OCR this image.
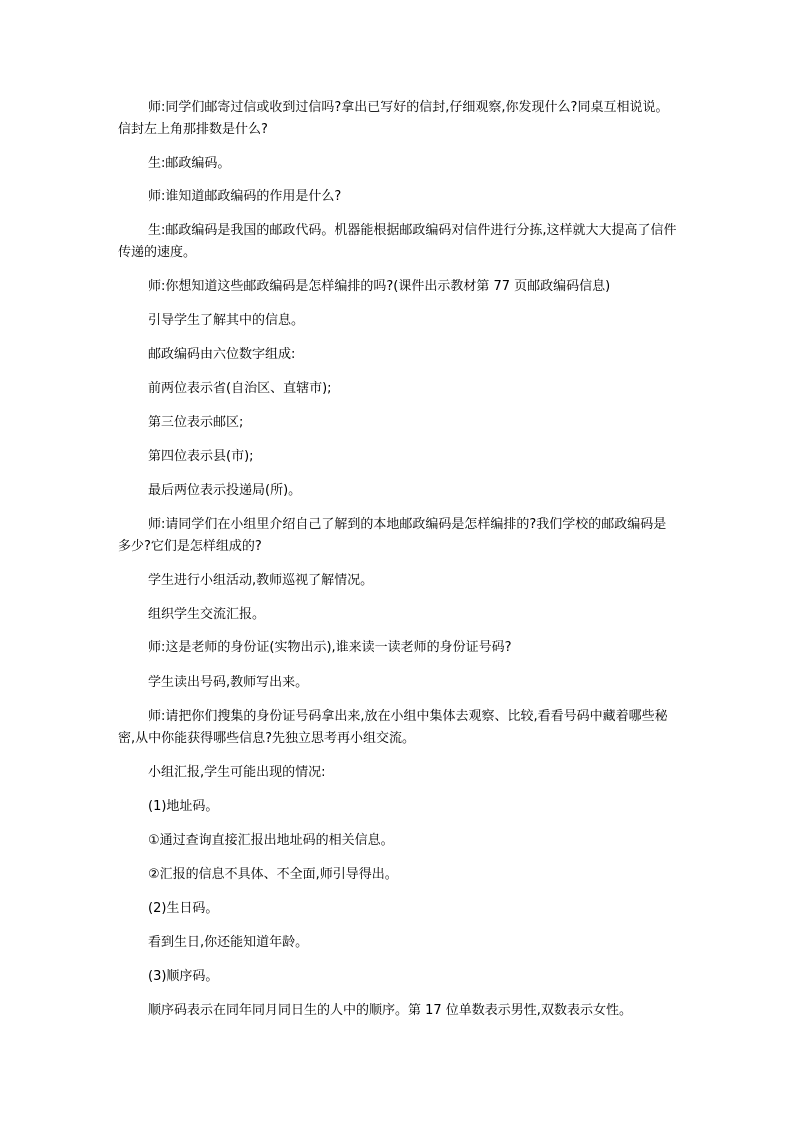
师:同学们邮寄过信或收到过信吗?拿出已写好的信封,仔细观察,你发现什么?同桌互相说说。信封左上角那排数是什么?

生:邮政编码。

师:谁知道邮政编码的作用是什么?

生:邮政编码是我国的邮政代码。机器能根据邮政编码对信件进行分拣,这样就大大提高了信件传递的速度。

师:你想知道这些邮政编码是怎样编排的吗?(课件出示教材第 77 页邮政编码信息)

引导学生了解其中的信息。

邮政编码由六位数字组成:

前两位表示省(自治区、直辖市);

第三位表示邮区;

第四位表示县(市);

最后两位表示投递局(所)。

师:请同学们在小组里介绍自己了解到的本地邮政编码是怎样编排的?我们学校的邮政编码是多少?它们是怎样组成的?

学生进行小组活动,教师巡视了解情况。

组织学生交流汇报。

师:这是老师的身份证(实物出示),谁来读一读老师的身份证号码?

学生读出号码,教师写出来。

师:请把你们搜集的身份证号码拿出来,放在小组中集体去观察、比较,看看号码中藏着哪些秘密,从中你能获得哪些信息?先独立思考再小组交流。

小组汇报,学生可能出现的情况:

(1)地址码。

①通过查询直接汇报出地址码的相关信息。

②汇报的信息不具体、不全面,师引导得出。

(2)生日码。

看到生日,你还能知道年龄。

(3)顺序码。

顺序码表示在同年同月同日生的人中的顺序。第 17 位单数表示男性,双数表示女性。
